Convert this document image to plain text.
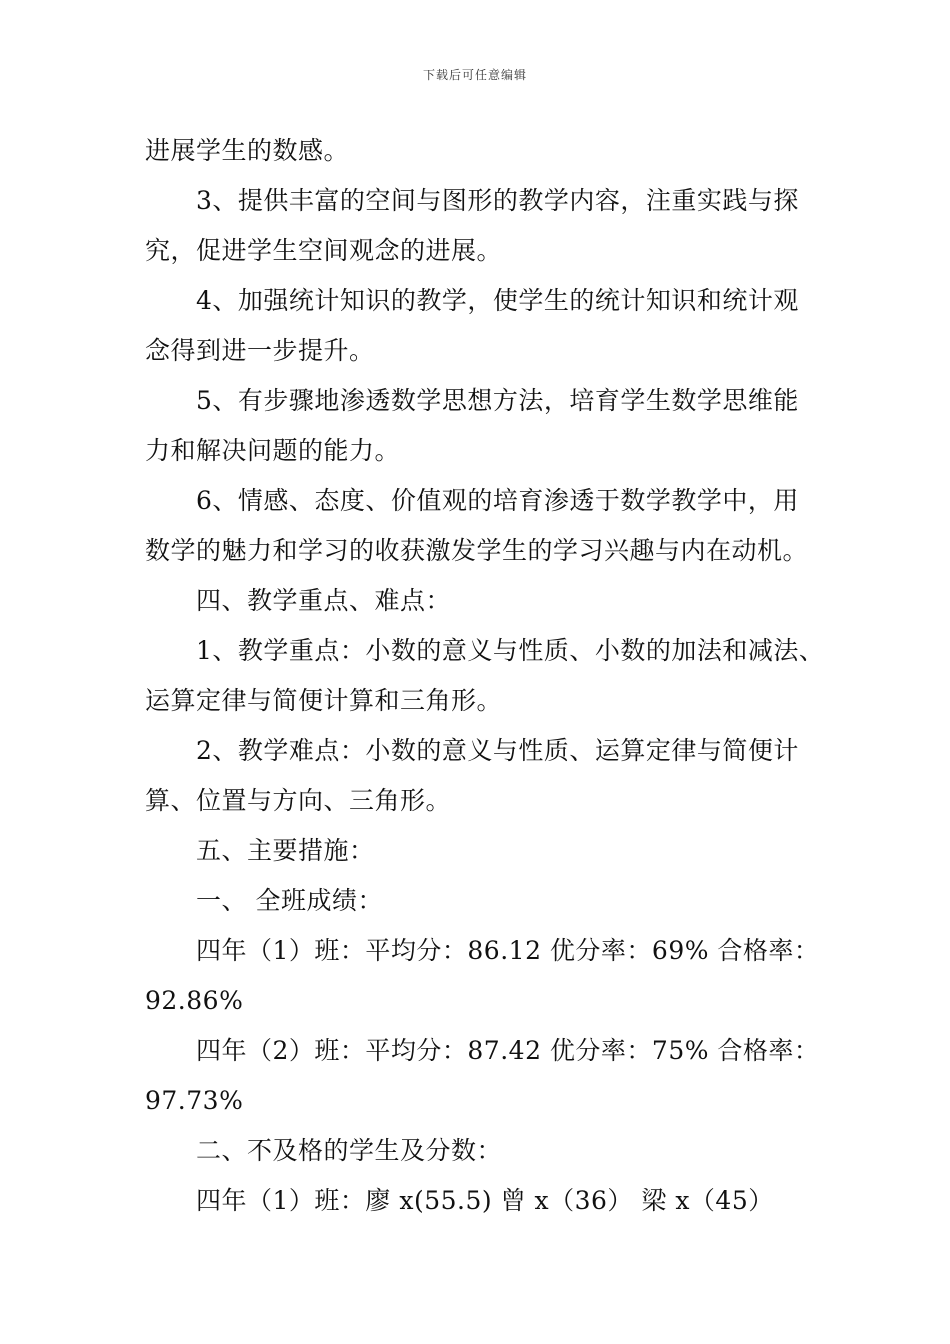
下载后可任意编辑
进展学生的数感。
3、提供丰富的空间与图形的教学内容，注重实践与探
究，促进学生空间观念的进展。
4、加强统计知识的教学，使学生的统计知识和统计观
念得到进一步提升。
5、有步骤地渗透数学思想方法，培育学生数学思维能
力和解决问题的能力。
6、情感、态度、价值观的培育渗透于数学教学中，用
数学的魅力和学习的收获激发学生的学习兴趣与内在动机。
四、教学重点、难点：
1、教学重点：小数的意义与性质、小数的加法和减法、
运算定律与简便计算和三角形。
2、教学难点：小数的意义与性质、运算定律与简便计
算、位置与方向、三角形。
五、主要措施：
一、 全班成绩：
四年（1）班：平均分：86.12 优分率：69% 合格率：
92.86%
四年（2）班：平均分：87.42 优分率：75% 合格率：
97.73%
二、不及格的学生及分数：
四年（1）班：廖 x(55.5) 曾 x（36） 梁 x（45）
